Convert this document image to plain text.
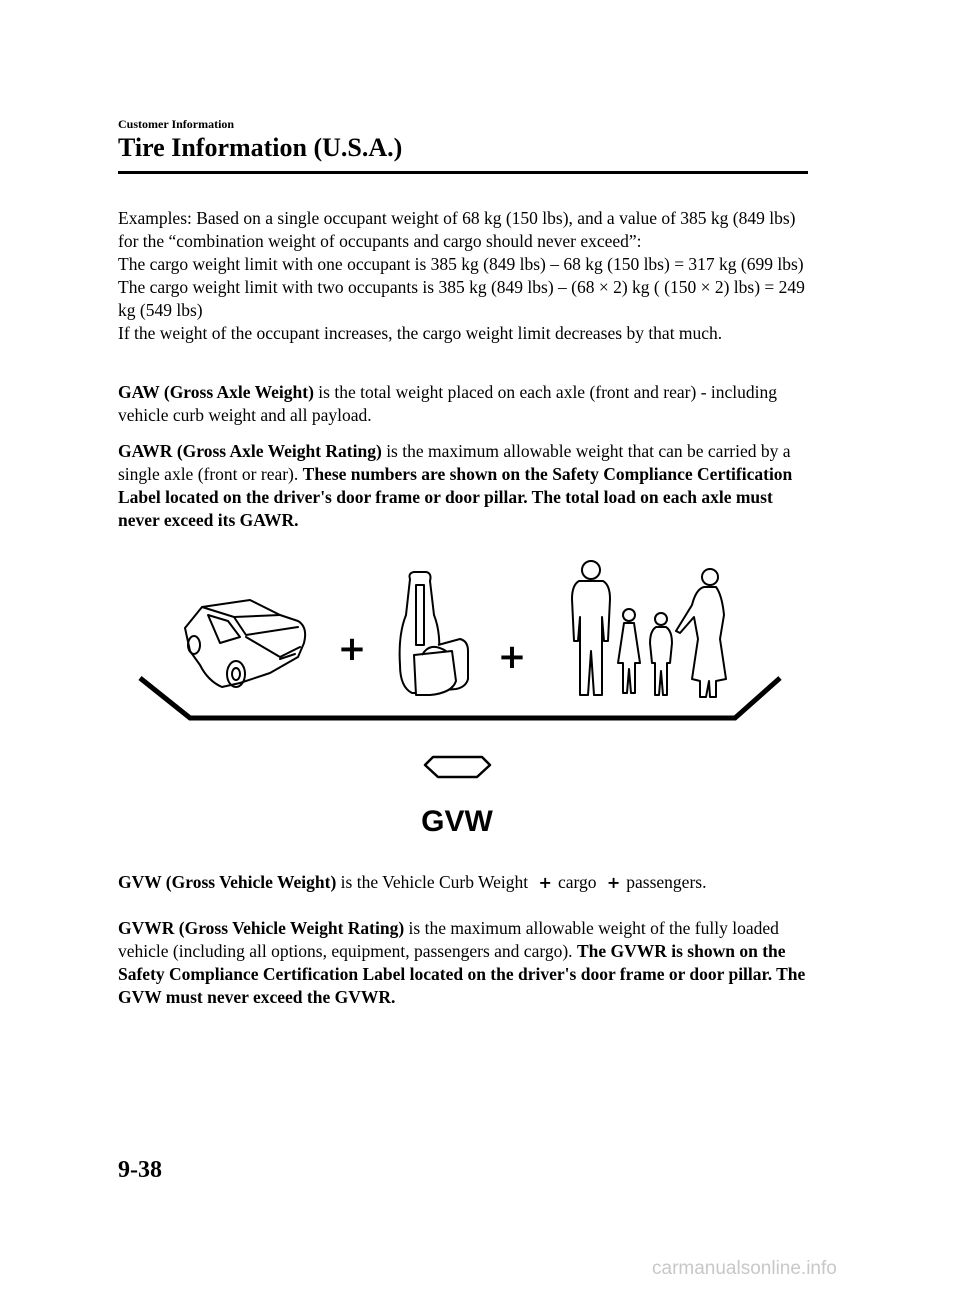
Customer Information
Tire Information (U.S.A.)

Examples: Based on a single occupant weight of 68 kg (150 lbs), and a value of 385 kg (849 lbs) for the “combination weight of occupants and cargo should never exceed”:
The cargo weight limit with one occupant is 385 kg (849 lbs) – 68 kg (150 lbs) = 317 kg (699 lbs)
The cargo weight limit with two occupants is 385 kg (849 lbs) – (68 × 2) kg ( (150 × 2) lbs) = 249 kg (549 lbs)
If the weight of the occupant increases, the cargo weight limit decreases by that much.

GAW (Gross Axle Weight) is the total weight placed on each axle (front and rear) - including vehicle curb weight and all payload.

GAWR (Gross Axle Weight Rating) is the maximum allowable weight that can be carried by a single axle (front or rear). These numbers are shown on the Safety Compliance Certification Label located on the driver's door frame or door pillar. The total load on each axle must never exceed its GAWR.

+	+
GVW

GVW (Gross Vehicle Weight) is the Vehicle Curb Weight + cargo + passengers.

GVWR (Gross Vehicle Weight Rating) is the maximum allowable weight of the fully loaded vehicle (including all options, equipment, passengers and cargo). The GVWR is shown on the Safety Compliance Certification Label located on the driver's door frame or door pillar. The GVW must never exceed the GVWR.

9-38
carmanualsonline.info
